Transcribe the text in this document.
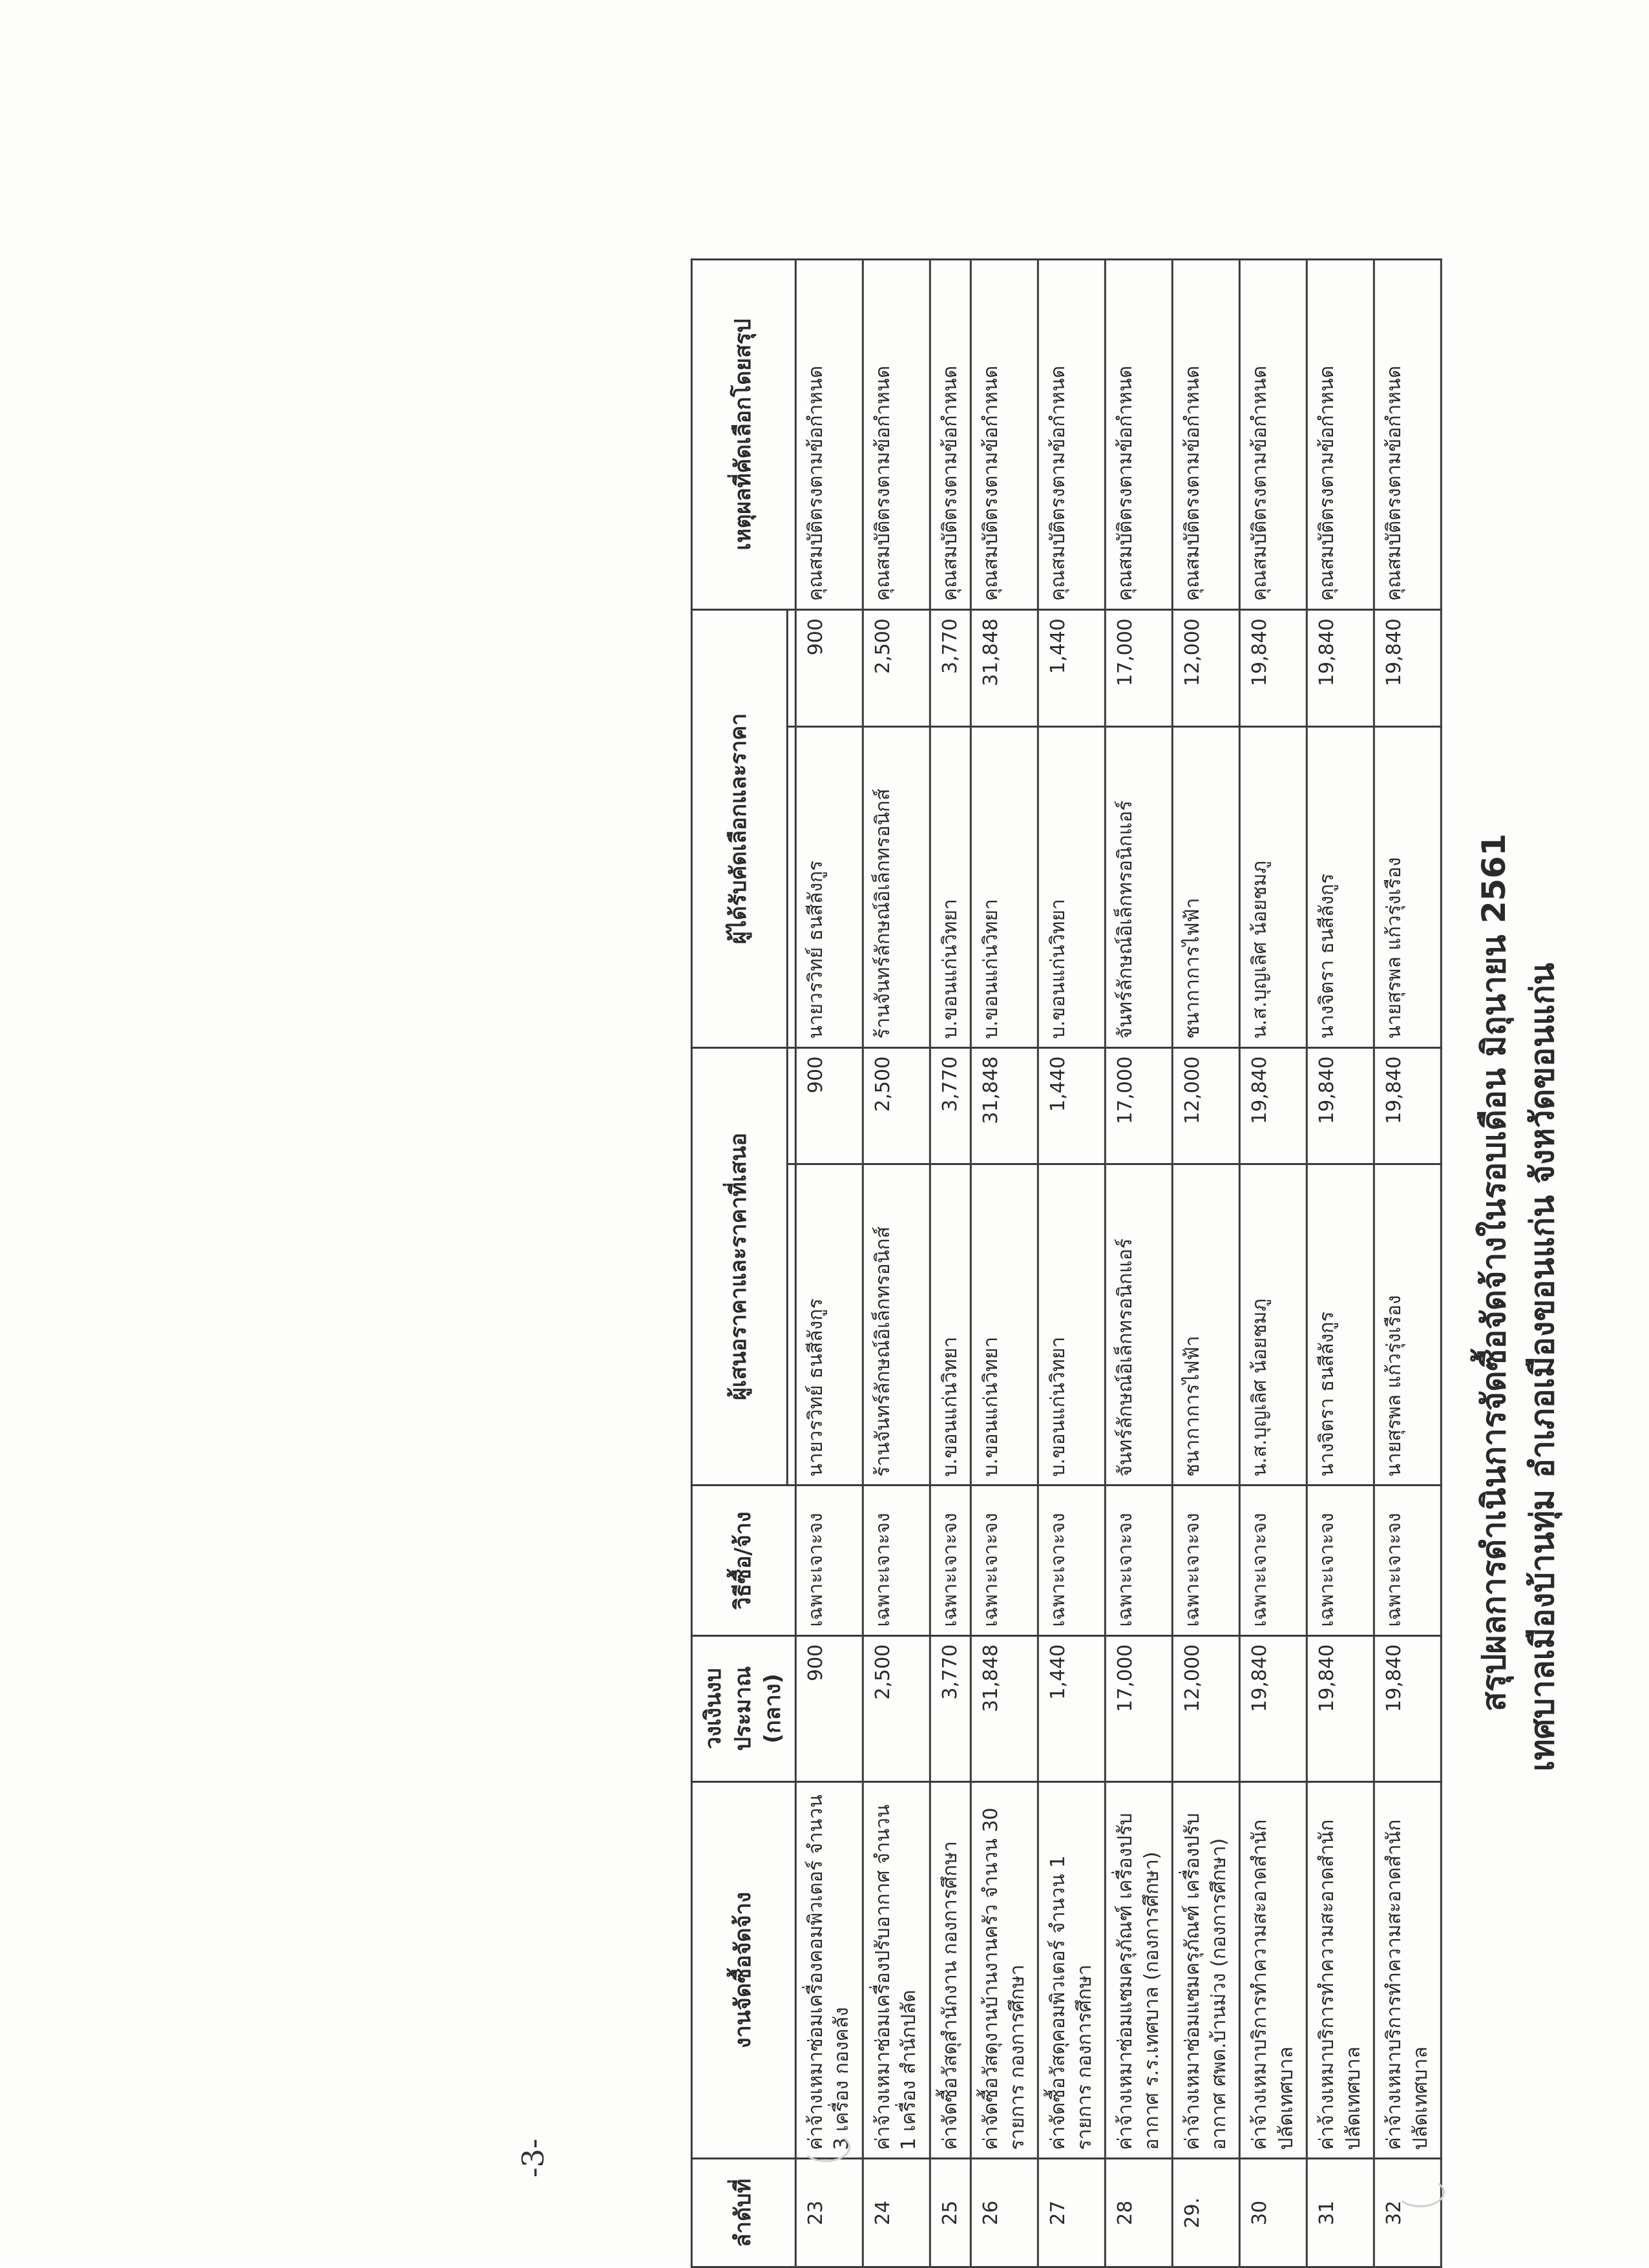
-3-
สรุปผลการดำเนินการจัดซื้อจัดจ้างในรอบเดือน มิถุนายน 2561 เทศบาลเมืองบ้านทุ่ม อำเภอเมืองขอนแก่น จังหวัดขอนแก่น
ลำดับที่	งานจัดซื้อจัดจ้าง	วงเงินงบประมาณ (กลาง)	วิธีซื้อ/จ้าง	ผู้เสนอราคาและราคาที่เสนอ		ผู้ได้รับคัดเลือกและราคา		เหตุผลที่คัดเลือกโดยสรุป

23	ค่าจ้างเหมาซ่อมเครื่องคอมพิวเตอร์ จำนวน 3 เครื่อง กองคลัง	900	เฉพาะเจาะจง	นายวรวิทย์ ธนสีลังกูร	900	นายวรวิทย์ ธนสีลังกูร	900	คุณสมบัติตรงตามข้อกำหนด
24	ค่าจ้างเหมาซ่อมเครื่องปรับอากาศ จำนวน 1 เครื่อง สำนักปลัด	2,500	เฉพาะเจาะจง	ร้านจันทร์ลักษณ์อิเล็กทรอนิกส์	2,500	ร้านจันทร์ลักษณ์อิเล็กทรอนิกส์	2,500	คุณสมบัติตรงตามข้อกำหนด
25	ค่าจัดซื้อวัสดุสำนักงาน กองการศึกษา	3,770	เฉพาะเจาะจง	บ.ขอนแก่นวิทยา	3,770	บ.ขอนแก่นวิทยา	3,770	คุณสมบัติตรงตามข้อกำหนด
26	ค่าจัดซื้อวัสดุงานบ้านงานครัว จำนวน 30 รายการ กองการศึกษา	31,848	เฉพาะเจาะจง	บ.ขอนแก่นวิทยา	31,848	บ.ขอนแก่นวิทยา	31,848	คุณสมบัติตรงตามข้อกำหนด
27	ค่าจัดซื้อวัสดุคอมพิวเตอร์ จำนวน 1 รายการ กองการศึกษา	1,440	เฉพาะเจาะจง	บ.ขอนแก่นวิทยา	1,440	บ.ขอนแก่นวิทยา	1,440	คุณสมบัติตรงตามข้อกำหนด
28	ค่าจ้างเหมาซ่อมแซมครุภัณฑ์ เครื่องปรับอากาศ ร.ร.เทศบาล (กองการศึกษา)	17,000	เฉพาะเจาะจง	จันทร์ลักษณ์อิเล็กทรอนิกแอร์	17,000	จันทร์ลักษณ์อิเล็กทรอนิกแอร์	17,000	คุณสมบัติตรงตามข้อกำหนด
29.	ค่าจ้างเหมาซ่อมแซมครุภัณฑ์ เครื่องปรับอากาศ ศพด.บ้านม่วง (กองการศึกษา)	12,000	เฉพาะเจาะจง	ชนากาการไฟฟ้า	12,000	ชนากาการไฟฟ้า	12,000	คุณสมบัติตรงตามข้อกำหนด
30	ค่าจ้างเหมาบริการทำความสะอาดสำนักปลัดเทศบาล	19,840	เฉพาะเจาะจง	น.ส.บุญเลิศ น้อยชมภู	19,840	น.ส.บุญเลิศ น้อยชมภู	19,840	คุณสมบัติตรงตามข้อกำหนด
31	ค่าจ้างเหมาบริการทำความสะอาดสำนักปลัดเทศบาล	19,840	เฉพาะเจาะจง	นางจิตรา ธนสีลังกูร	19,840	นางจิตรา ธนสีลังกูร	19,840	คุณสมบัติตรงตามข้อกำหนด
32	ค่าจ้างเหมาบริการทำความสะอาดสำนักปลัดเทศบาล	19,840	เฉพาะเจาะจง	นายสุรพล แก้วรุ่งเรือง	19,840	นายสุรพล แก้วรุ่งเรือง	19,840	คุณสมบัติตรงตามข้อกำหนด
